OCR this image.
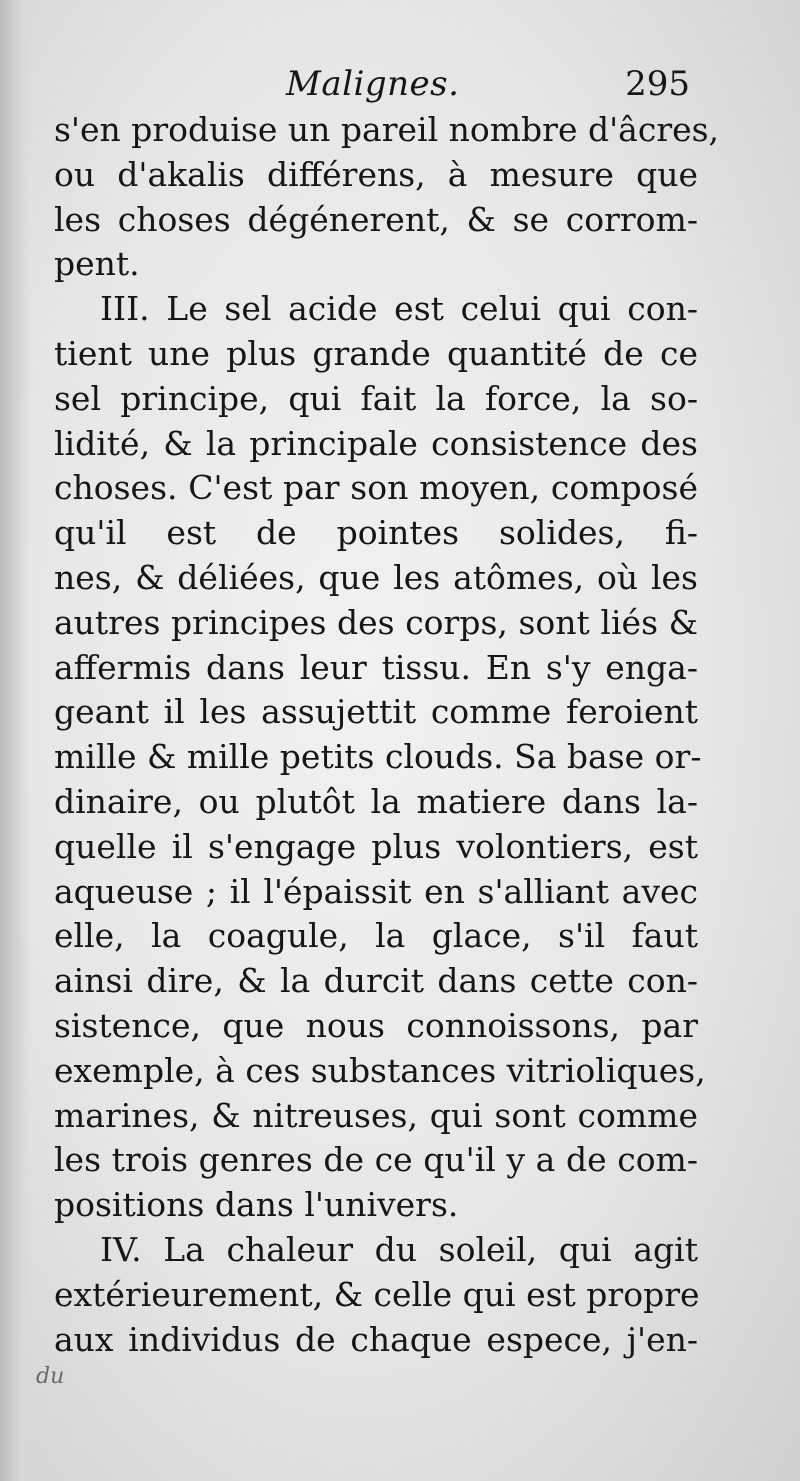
Malignes.	295
s'en produise un pareil nombre d'âcres,
ou d'akalis différens, à mesure que
les choses dégénerent, & se corrom-
pent.
III. Le sel acide est celui qui con-
tient une plus grande quantité de ce
sel principe, qui fait la force, la so-
lidité, & la principale consistence des
choses. C'est par son moyen, composé
qu'il est de pointes solides, fi-
nes, & déliées, que les atômes, où les
autres principes des corps, sont liés &
affermis dans leur tissu. En s'y enga-
geant il les assujettit comme feroient
mille & mille petits clouds. Sa base or-
dinaire, ou plutôt la matiere dans la-
quelle il s'engage plus volontiers, est
aqueuse ; il l'épaissit en s'alliant avec
elle, la coagule, la glace, s'il faut
ainsi dire, & la durcit dans cette con-
sistence, que nous connoissons, par
exemple, à ces substances vitrioliques,
marines, & nitreuses, qui sont comme
les trois genres de ce qu'il y a de com-
positions dans l'univers.
IV. La chaleur du soleil, qui agit
extérieurement, & celle qui est propre
aux individus de chaque espece, j'en-
du
